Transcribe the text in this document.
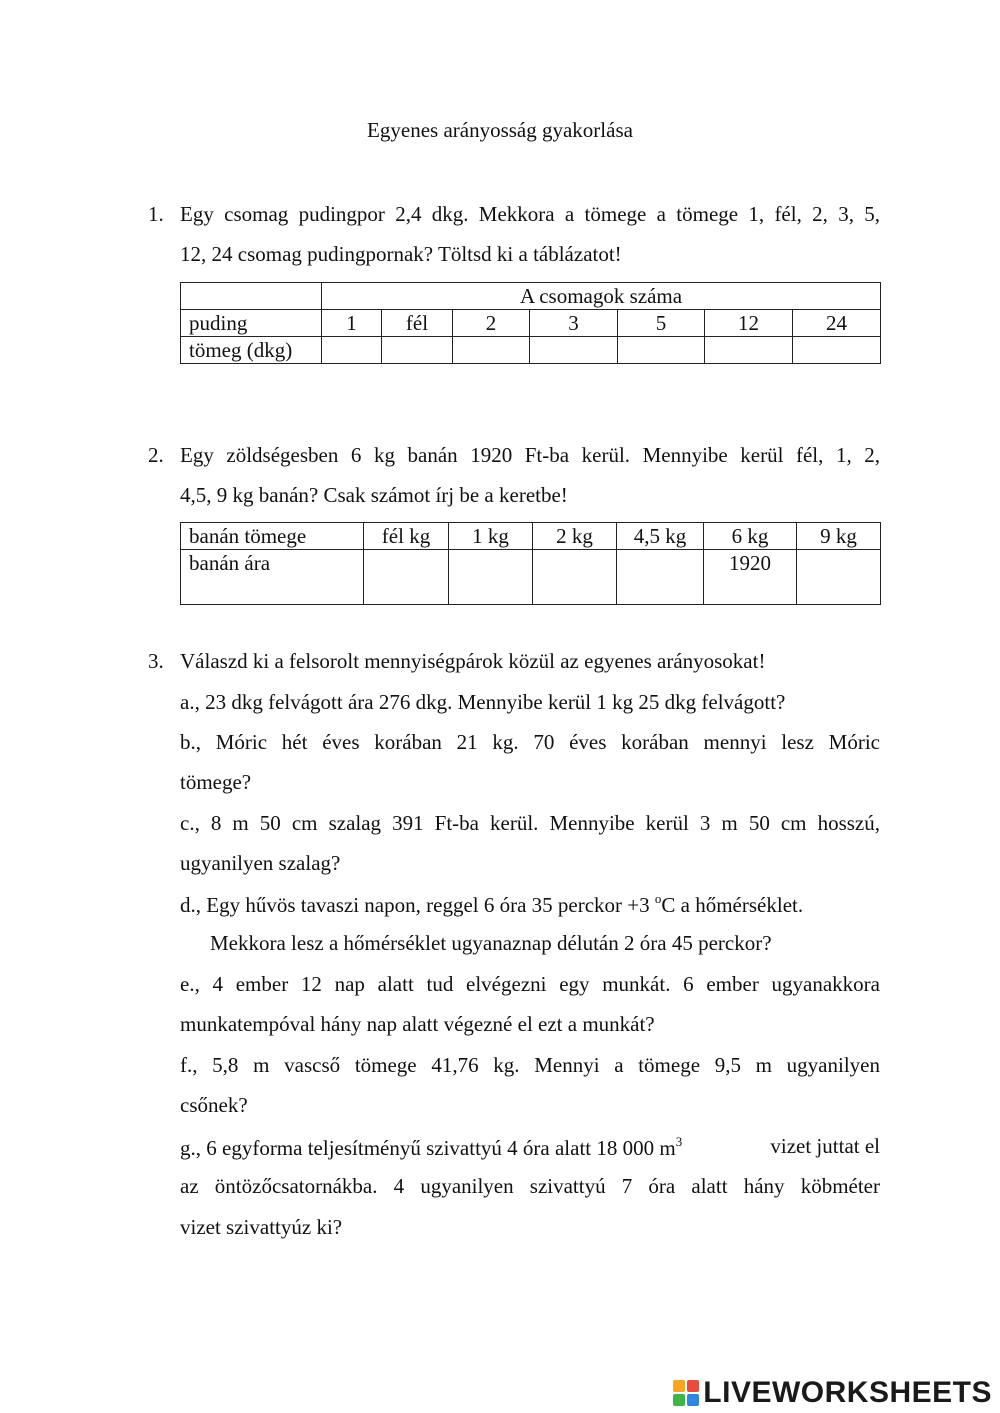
Egyenes arányosság gyakorlása
1. Egy csomag pudingpor 2,4 dkg. Mekkora a tömege a tömege 1, fél, 2, 3, 5,
12, 24 csomag pudingpornak? Töltsd ki a táblázatot!
	A csomagok száma						
puding	1	fél	2	3	5	12	24
tömeg (dkg)							
2. Egy zöldségesben 6 kg banán 1920 Ft-ba kerül. Mennyibe kerül fél, 1, 2,
4,5, 9 kg banán? Csak számot írj be a keretbe!
banán tömege	fél kg	1 kg	2 kg	4,5 kg	6 kg	9 kg
banán ára					1920	
3. Válaszd ki a felsorolt mennyiségpárok közül az egyenes arányosokat!
a., 23 dkg felvágott ára 276 dkg. Mennyibe kerül 1 kg 25 dkg felvágott?
b., Móric hét éves korában 21 kg. 70 éves korában mennyi lesz Móric
tömege?
c., 8 m 50 cm szalag 391 Ft-ba kerül. Mennyibe kerül 3 m 50 cm hosszú,
ugyanilyen szalag?
d., Egy hűvös tavaszi napon, reggel 6 óra 35 perckor +3 $^o$C a hőmérséklet.
Mekkora lesz a hőmérséklet ugyanaznap délután 2 óra 45 perckor?
e., 4 ember 12 nap alatt tud elvégezni egy munkát. 6 ember ugyanakkora
munkatempóval hány nap alatt végezné el ezt a munkát?
f., 5,8 m vascső tömege 41,76 kg. Mennyi a tömege 9,5 m ugyanilyen
csőnek?
g., 6 egyforma teljesítményű szivattyú 4 óra alatt 18 000 $m^3$	vizet juttat el
az öntözőcsatornákba. 4 ugyanilyen szivattyú 7 óra alatt hány köbméter
vizet szivattyúz ki?
LIVEWORKSHEETS
